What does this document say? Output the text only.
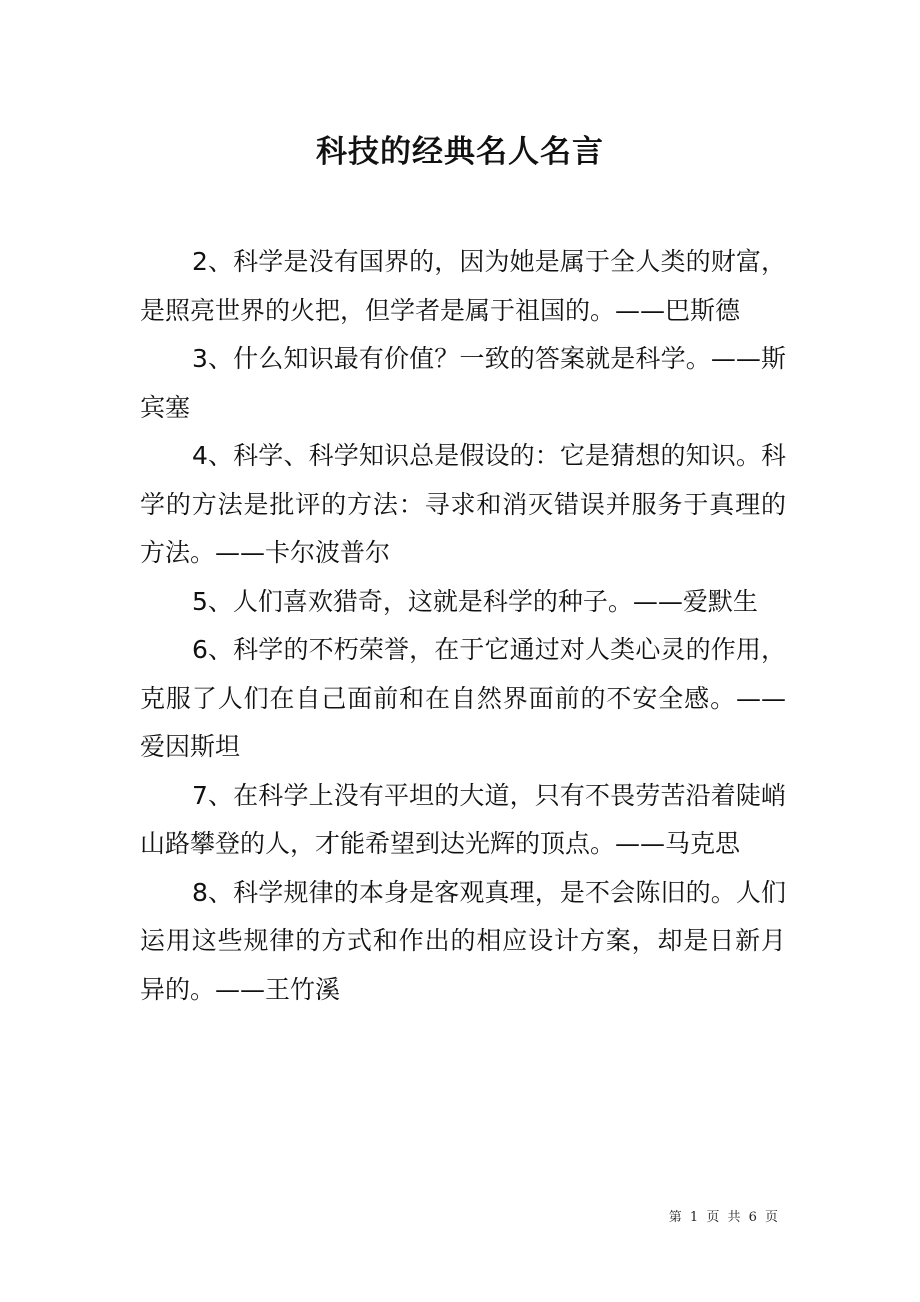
科技的经典名人名言

2、科学是没有国界的，因为她是属于全人类的财富，是照亮世界的火把，但学者是属于祖国的。——巴斯德

3、什么知识最有价值？一致的答案就是科学。——斯宾塞

4、科学、科学知识总是假设的：它是猜想的知识。科学的方法是批评的方法：寻求和消灭错误并服务于真理的方法。——卡尔波普尔

5、人们喜欢猎奇，这就是科学的种子。——爱默生

6、科学的不朽荣誉，在于它通过对人类心灵的作用，克服了人们在自己面前和在自然界面前的不安全感。——爱因斯坦

7、在科学上没有平坦的大道，只有不畏劳苦沿着陡峭山路攀登的人，才能希望到达光辉的顶点。——马克思

8、科学规律的本身是客观真理，是不会陈旧的。人们运用这些规律的方式和作出的相应设计方案，却是日新月异的。——王竹溪

第 1 页 共 6 页
